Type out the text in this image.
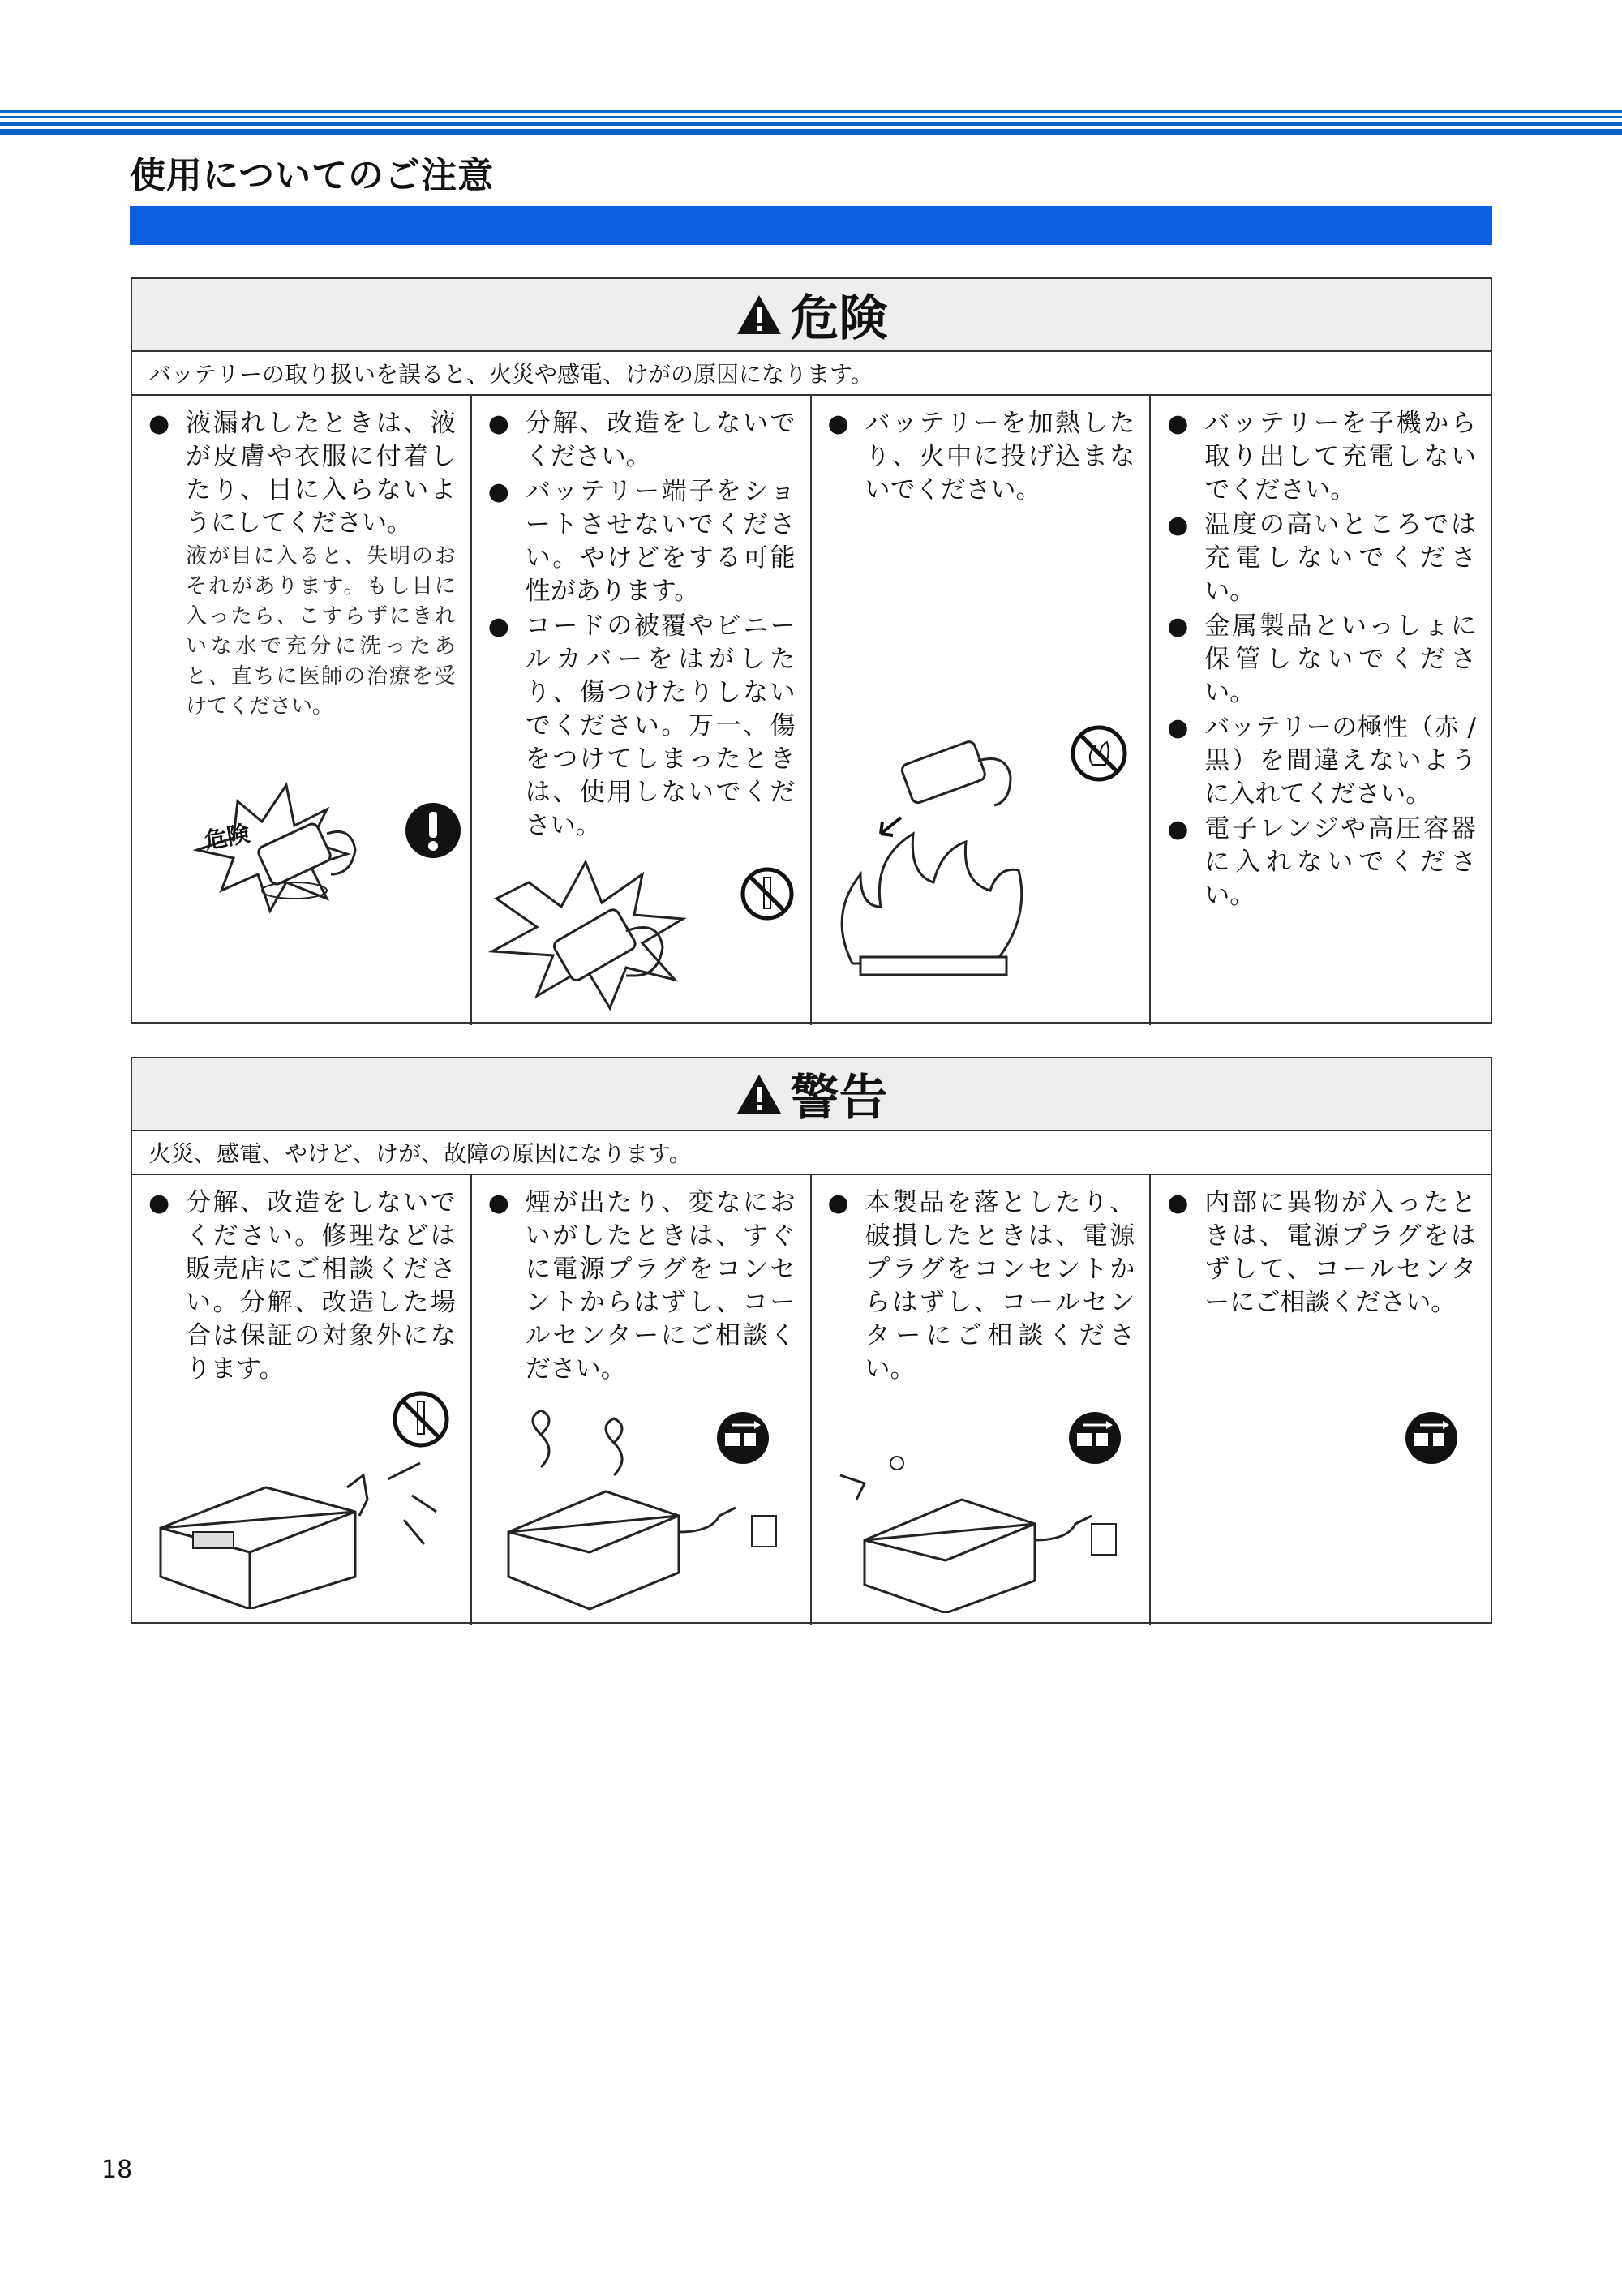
使用についてのご注意
危険
バッテリーの取り扱いを誤ると、火災や感電、けがの原因になります。
● 液漏れしたときは、液が皮膚や衣服に付着したり、目に入らないようにしてください。
液が目に入ると、失明のおそれがあります。もし目に入ったら、こすらずにきれいな水で充分に洗ったあと、直ちに医師の治療を受けてください。
危険
● 分解、改造をしないでください。
● バッテリー端子をショートさせないでください。やけどをする可能性があります。
● コードの被覆やビニールカバーをはがしたり、傷つけたりしないでください。万一、傷をつけてしまったときは、使用しないでください。
● バッテリーを加熱したり、火中に投げ込まないでください。
● バッテリーを子機から取り出して充電しないでください。
● 温度の高いところでは充電しないでください。
● 金属製品といっしょに保管しないでください。
● バッテリーの極性（赤 / 黒）を間違えないように入れてください。
● 電子レンジや高圧容器に入れないでください。
警告
火災、感電、やけど、けが、故障の原因になります。
● 分解、改造をしないでください。修理などは販売店にご相談ください。分解、改造した場合は保証の対象外になります。
● 煙が出たり、変なにおいがしたときは、すぐに電源プラグをコンセントからはずし、コールセンターにご相談ください。
● 本製品を落としたり、破損したときは、電源プラグをコンセントからはずし、コールセンターにご相談ください。
● 内部に異物が入ったときは、電源プラグをはずして、コールセンターにご相談ください。
18
